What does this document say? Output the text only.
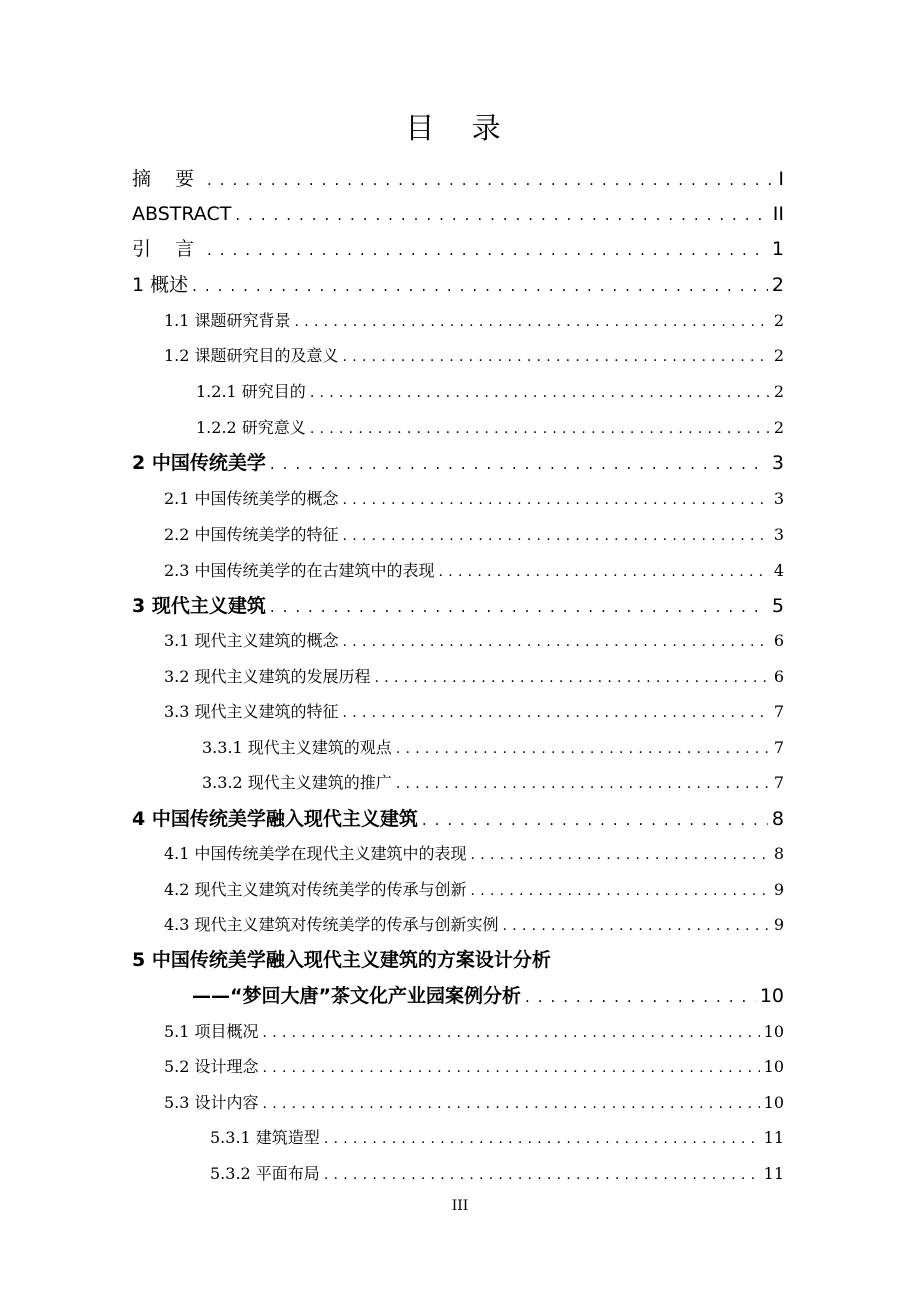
目 录
摘 要 . . .	I
ABSTRACT . . .	II
引 言 . . .	1
1 概述 . . .	2
1.1 课题研究背景 . . .	2
1.2 课题研究目的及意义 . . .	2
1.2.1 研究目的 . . .	2
1.2.2 研究意义 . . .	2
2 中国传统美学 . . .	3
2.1 中国传统美学的概念 . . .	3
2.2 中国传统美学的特征 . . .	3
2.3 中国传统美学的在古建筑中的表现 . . .	4
3 现代主义建筑 . . .	5
3.1 现代主义建筑的概念 . . .	6
3.2 现代主义建筑的发展历程 . . .	6
3.3 现代主义建筑的特征 . . .	7
3.3.1 现代主义建筑的观点 . . .	7
3.3.2 现代主义建筑的推广 . . .	7
4 中国传统美学融入现代主义建筑 . . .	8
4.1 中国传统美学在现代主义建筑中的表现 . . .	8
4.2 现代主义建筑对传统美学的传承与创新 . . .	9
4.3 现代主义建筑对传统美学的传承与创新实例 . . .	9
5 中国传统美学融入现代主义建筑的方案设计分析
——“梦回大唐”茶文化产业园案例分析 . . .	10
5.1 项目概况 . . .	10
5.2 设计理念 . . .	10
5.3 设计内容 . . .	10
5.3.1 建筑造型 . . .	11
5.3.2 平面布局 . . .	11
III
